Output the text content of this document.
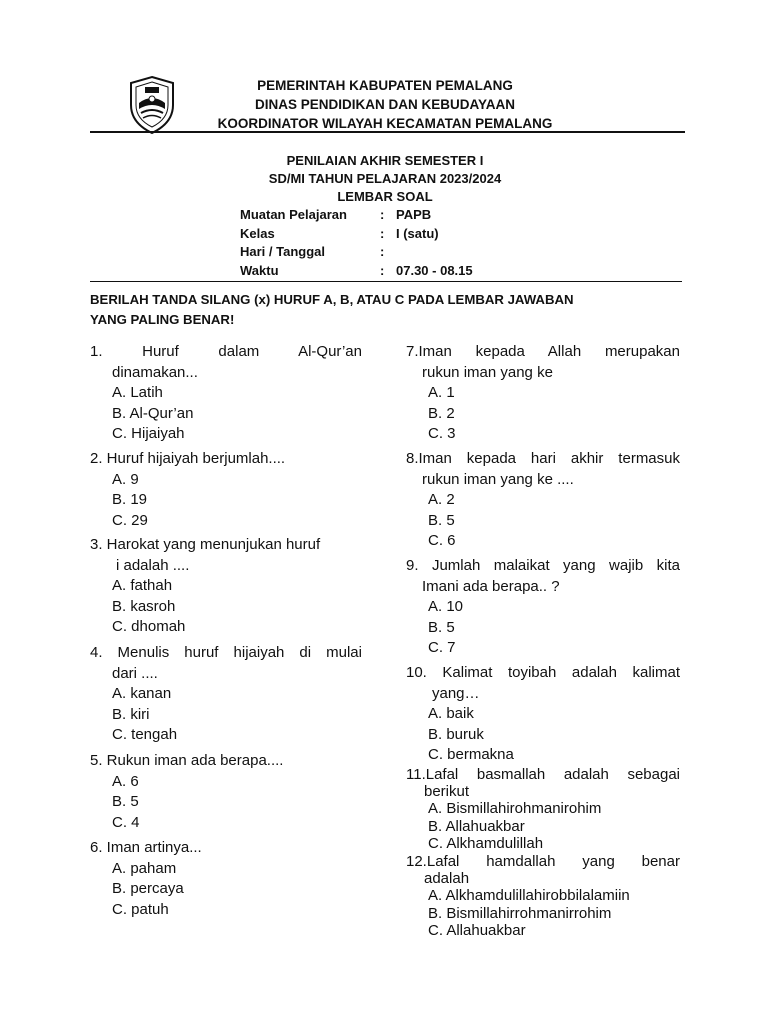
PEMERINTAH KABUPATEN PEMALANG
DINAS PENDIDIKAN DAN KEBUDAYAAN
KOORDINATOR WILAYAH KECAMATAN PEMALANG
PENILAIAN AKHIR SEMESTER I
SD/MI TAHUN PELAJARAN 2023/2024
LEMBAR SOAL
Muatan Pelajaran	: PAPB
Kelas	: I (satu)
Hari / Tanggal	:
Waktu	: 07.30 - 08.15
BERILAH TANDA SILANG (x) HURUF A, B, ATAU C PADA LEMBAR JAWABAN
YANG PALING BENAR!
1. Huruf dalam Al-Qur’an
dinamakan...
A. Latih
B. Al-Qur’an
C. Hijaiyah
2. Huruf hijaiyah berjumlah....
A. 9
B. 19
C. 29
3. Harokat yang menunjukan huruf
i adalah ....
A. fathah
B. kasroh
C. dhomah
4. Menulis huruf hijaiyah di mulai
dari ....
A. kanan
B. kiri
C. tengah
5. Rukun iman ada berapa....
A. 6
B. 5
C. 4
6. Iman artinya...
A. paham
B. percaya
C. patuh
7.Iman kepada Allah merupakan
rukun iman yang ke
A. 1
B. 2
C. 3
8.Iman kepada hari akhir termasuk
rukun iman yang ke ....
A. 2
B. 5
C. 6
9. Jumlah malaikat yang wajib kita
Imani ada berapa.. ?
A. 10
B. 5
C. 7
10. Kalimat toyibah adalah kalimat
yang…
A. baik
B. buruk
C. bermakna
11.Lafal basmallah adalah sebagai
berikut
A. Bismillahirohmanirohim
B. Allahuakbar
C. Alkhamdulillah
12.Lafal hamdallah yang benar
adalah
A. Alkhamdulillahirobbilalamiin
B. Bismillahirrohmanirrohim
C. Allahuakbar
